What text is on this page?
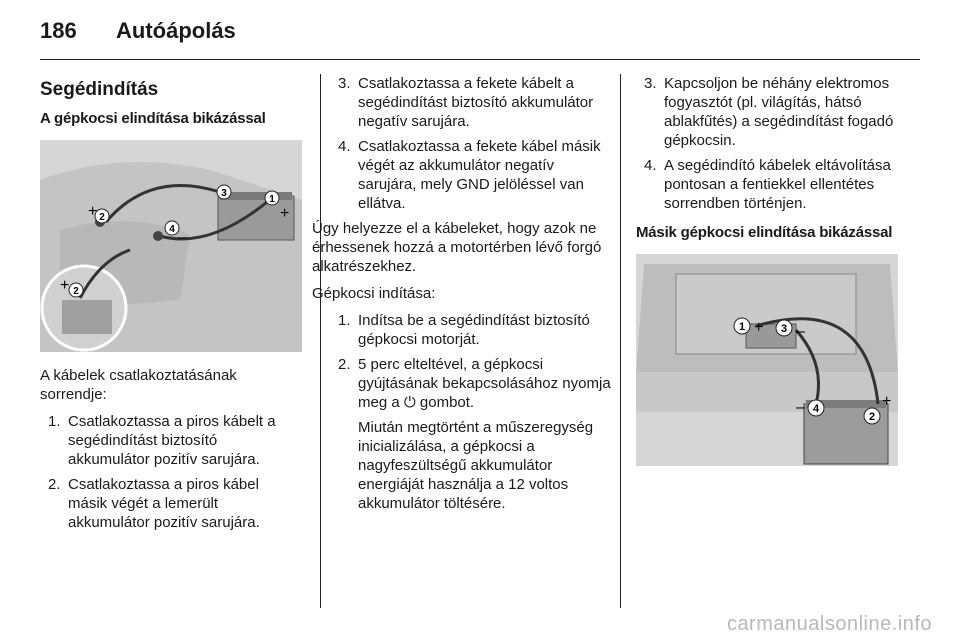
186 Autóápolás
Segédindítás
A gépkocsi elindítása bikázással
3
1
2
4
+	+
–
2
+

A kábelek csatlakoztatásának sorrendje:

1. Csatlakoztassa a piros kábelt a segédindítást biztosító akkumulátor pozitív sarujára.
2. Csatlakoztassa a piros kábel másik végét a lemerült akkumulátor pozitív sarujára.
3. Csatlakoztassa a fekete kábelt a segédindítást biztosító akkumulátor negatív sarujára.
4. Csatlakoztassa a fekete kábel másik végét az akkumulátor negatív sarujára, mely GND jelöléssel van ellátva.

Úgy helyezze el a kábeleket, hogy azok ne érhessenek hozzá a motortérben lévő forgó alkatrészekhez.

Gépkocsi indítása:

1. Indítsa be a segédindítást biztosító gépkocsi motorját.
2. 5 perc elteltével, a gépkocsi gyújtásának bekapcsolásához nyomja meg a ⏻ gombot.

Miután megtörtént a műszeregység inicializálása, a gépkocsi a nagyfeszültségű akkumulátor energiáját használja a 12 voltos akkumulátor töltésére.

3. Kapcsoljon be néhány elektromos fogyasztót (pl. világítás, hátsó ablakfűtés) a segédindítást fogadó gépkocsin.
4. A segédindító kábelek eltávolítása pontosan a fentiekkel ellentétes sorrendben történjen.
Másik gépkocsi elindítása bikázással
1	3
4
2
+ –
–	+
carmanualsonline.info
